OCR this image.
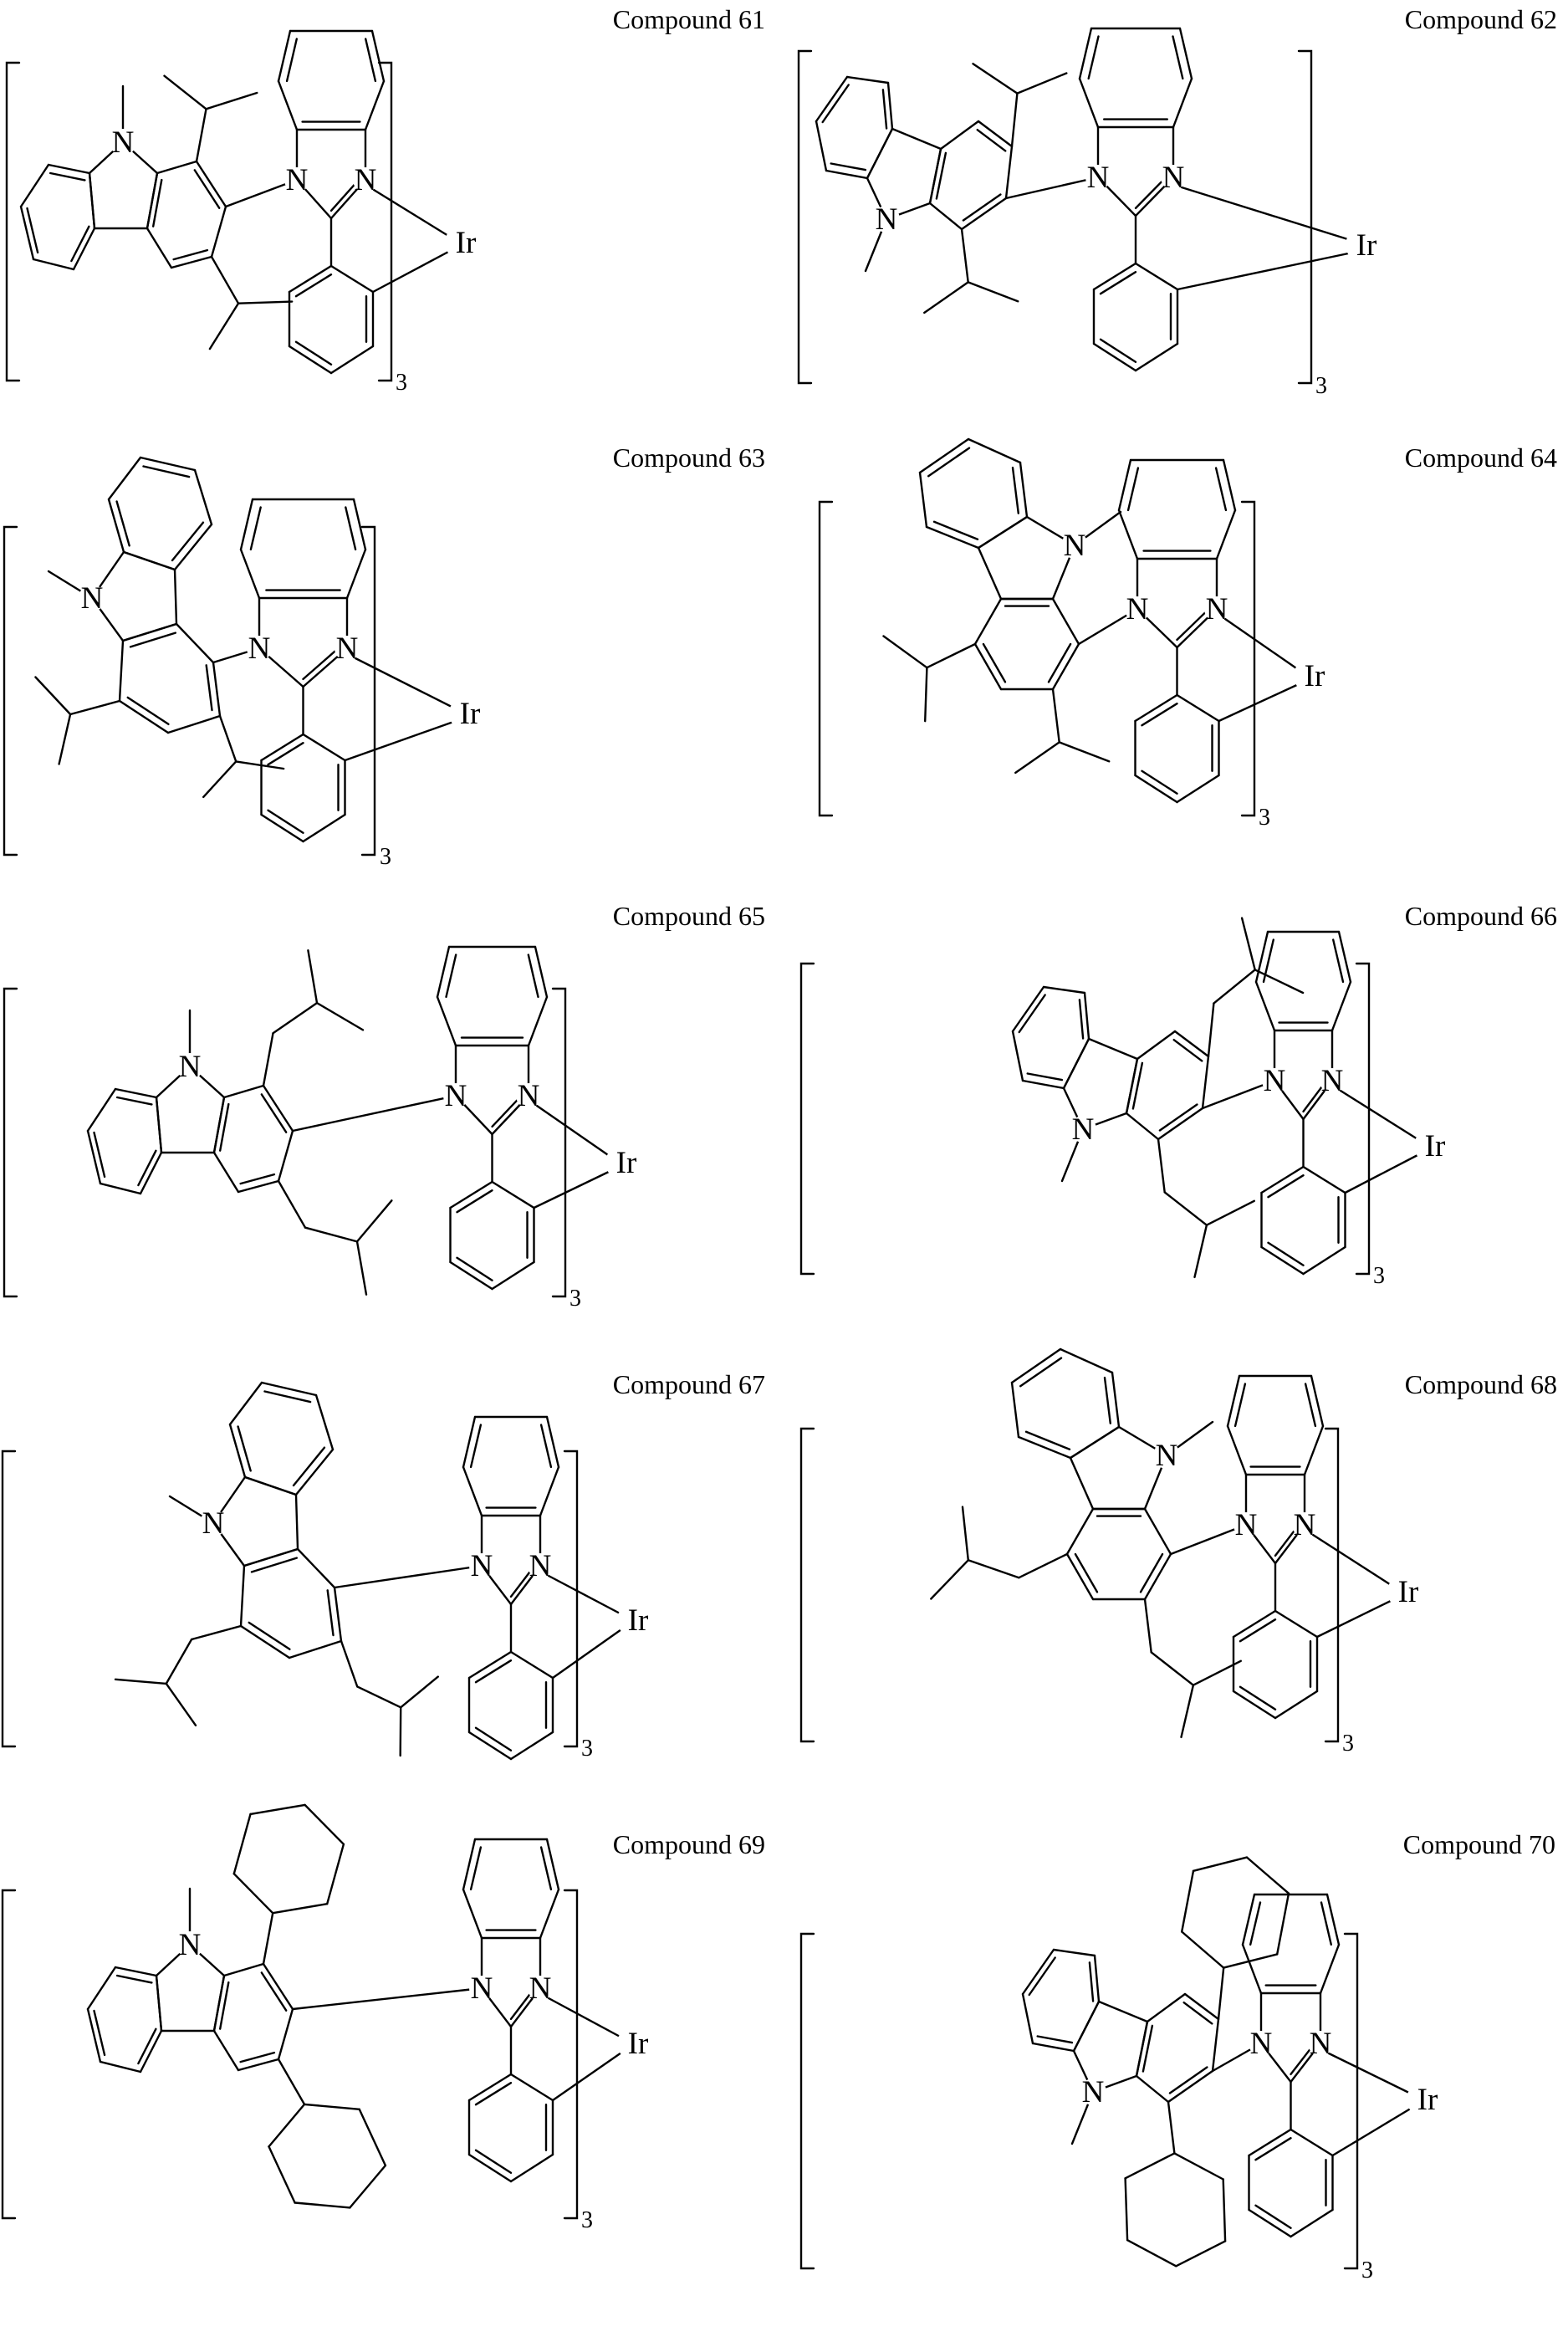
N
N N
Ir
3
Compound 61
N
N N
Ir
3
Compound 62
N
N N
Ir
3
Compound 63
N
N N
Ir
3
Compound 64
N
N N
Ir
3
Compound 65
N
N N
Ir
3
Compound 66
N
N N
Ir
3
Compound 67
N
N N
Ir
3
Compound 68
N
N N
Ir
3
Compound 69
N
N N
Ir
3
Compound 70
